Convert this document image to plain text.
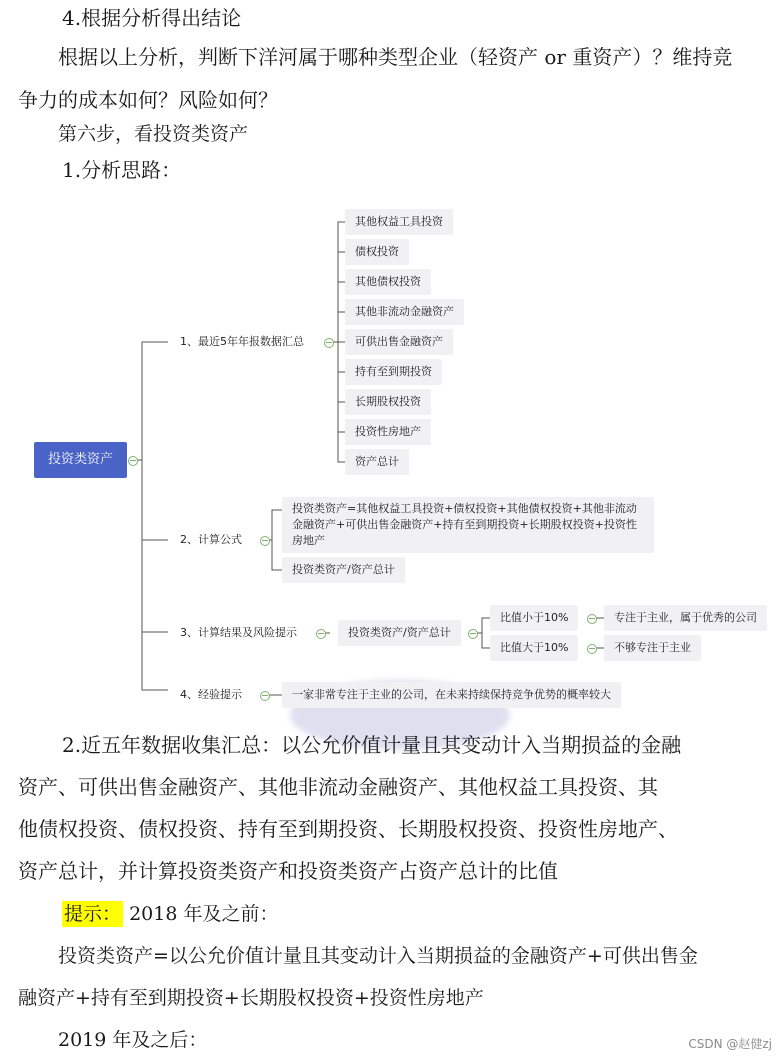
4.根据分析得出结论
根据以上分析，判断下洋河属于哪种类型企业（轻资产 or 重资产）？维持竞
争力的成本如何？风险如何？
第六步，看投资类资产
1.分析思路：
投资类资产
1、最近5年年报数据汇总
其他权益工具投资
债权投资
其他债权投资
其他非流动金融资产
可供出售金融资产
持有至到期投资
长期股权投资
投资性房地产
资产总计
2、计算公式
投资类资产=其他权益工具投资+债权投资+其他债权投资+其他非流动金融资产+可供出售金融资产+持有至到期投资+长期股权投资+投资性房地产
投资类资产/资产总计
3、计算结果及风险提示	投资类资产/资产总计
比值小于10%	专注于主业，属于优秀的公司
比值大于10%	不够专注于主业
4、经验提示	一家非常专注于主业的公司，在未来持续保持竞争优势的概率较大
2.近五年数据收集汇总：以公允价值计量且其变动计入当期损益的金融
资产、可供出售金融资产、其他非流动金融资产、其他权益工具投资、其
他债权投资、债权投资、持有至到期投资、长期股权投资、投资性房地产、
资产总计，并计算投资类资产和投资类资产占资产总计的比值
提示： 2018 年及之前：
投资类资产=以公允价值计量且其变动计入当期损益的金融资产+可供出售金
融资产+持有至到期投资+长期股权投资+投资性房地产
2019 年及之后：	CSDN @赵健zj
